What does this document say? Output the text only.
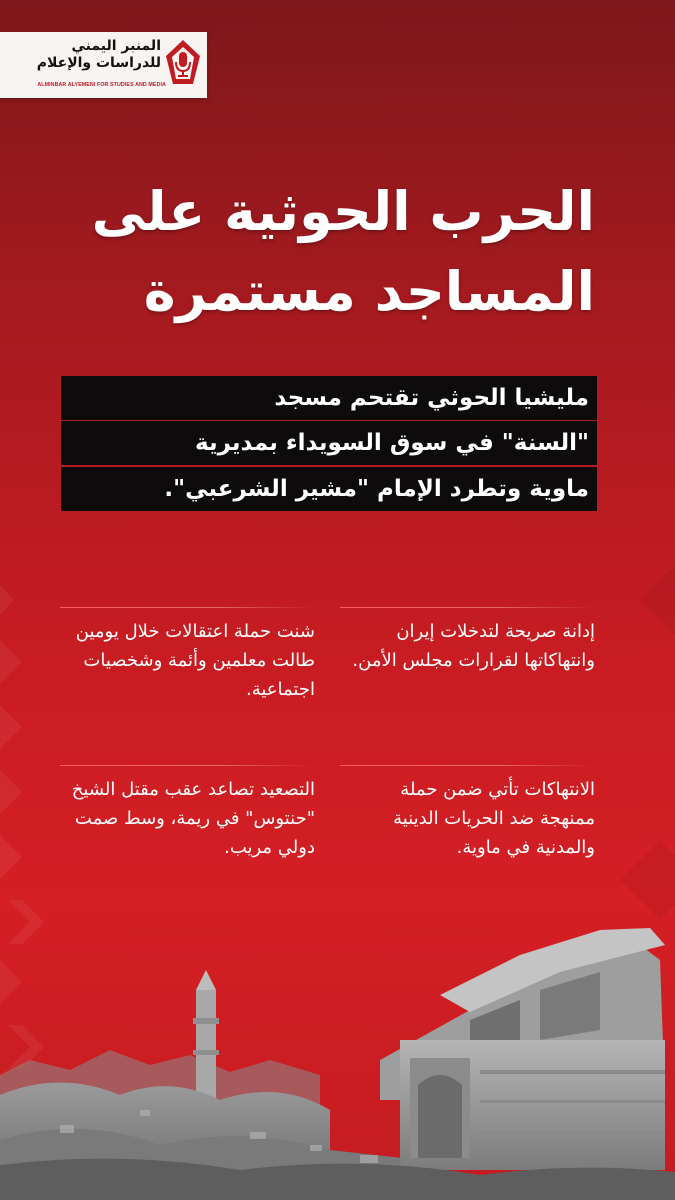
المنبر اليمني
للدراسات والإعلام
ALMINBAR ALYEMENI FOR STUDIES AND MEDIA
الحرب الحوثية على
المساجد مستمرة
مليشيا الحوثي تقتحم مسجد
"السنة" في سوق السويداء بمديرية
ماوية وتطرد الإمام "مشير الشرعبي".
إدانة صريحة لتدخلات إيران وانتهاكاتها لقرارات مجلس الأمن.
شنت حملة اعتقالات خلال يومين طالت معلمين وأئمة وشخصيات اجتماعية.
الانتهاكات تأتي ضمن حملة ممنهجة ضد الحريات الدينية والمدنية في ماوية.
التصعيد تصاعد عقب مقتل الشيخ "حنتوس" في ريمة، وسط صمت دولي مريب.
